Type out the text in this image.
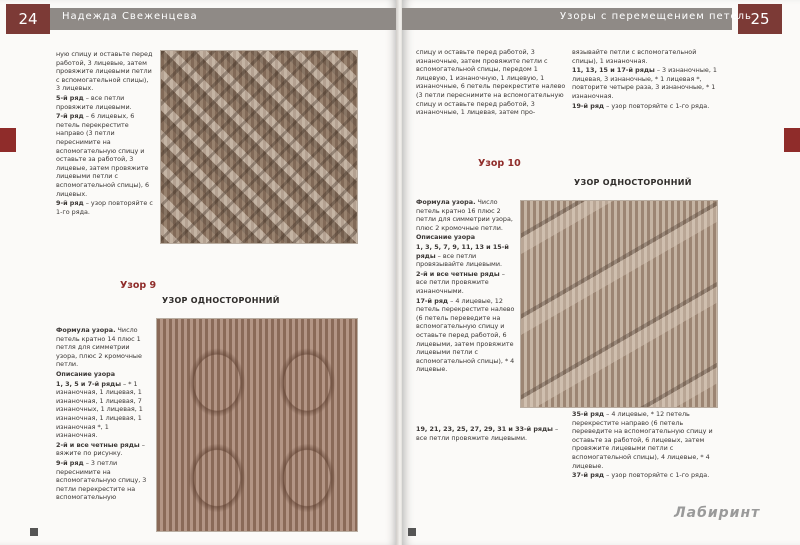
24	Надежда Свеженцева

ную спицу и оставьте перед работой, 3 лицевые, затем провяжите лицевыми петли с вспомогательной спицы), 3 лицевых.

5-й ряд – все петли провяжите лицевыми.

7-й ряд – 6 лицевых, 6 петель перекрестите направо (3 петли переснимите на вспомогательную спицу и оставьте за работой, 3 лицевые, затем провяжите лицевыми петли с вспомогательной спицы), 6 лицевых.

9-й ряд – узор повторяйте с 1-го ряда.

Узор 9
УЗОР ОДНОСТОРОННИЙ

Формула узора. Число петель кратно 14 плюс 1 петля для симметрии узора, плюс 2 кромочные петли.

Описание узора

1, 3, 5 и 7-й ряды – * 1 изнаночная, 1 лицевая, 1 изнаночная, 1 лицевая, 7 изнаночных, 1 лицевая, 1 изнаночная, 1 лицевая, 1 изнаночная *, 1 изнаночная.

2-й и все четные ряды – вяжите по рисунку.

9-й ряд – 3 петли переснимите на вспомогательную спицу, 3 петли перекрестите на вспомогательную

25
Узоры с перемещением петель
спицу и оставьте перед работой, 3 изнаночные, затем провяжите петли с вспомогательной спицы, передом 1 лицевую, 1 изнаночную, 1 лицевую, 1 изнаночные, 6 петель перекрестите налево (3 петли переснимите на вспомогательную спицу и оставьте перед работой, 3 изнаночные, 1 лицевая, затем про-

вязывайте петли с вспомогательной спицы), 1 изнаночная.

11, 13, 15 и 17-й ряды – 3 изнаночные, 1 лицевая, 3 изнаночные, * 1 лицевая *, повторите четыре раза, 3 изнаночные, * 1 изнаночная.

19-й ряд – узор повторяйте с 1-го ряда.

Узор 10
УЗОР ОДНОСТОРОННИЙ

Формула узора. Число петель кратно 16 плюс 2 петли для симметрии узора, плюс 2 кромочные петли.

Описание узора

1, 3, 5, 7, 9, 11, 13 и 15-й ряды – все петли провязывайте лицевыми.

2-й и все четные ряды – все петли провяжите изнаночными.

17-й ряд – 4 лицевые, 12 петель перекрестите налево (6 петель переведите на вспомогательную спицу и оставьте перед работой, 6 лицевыми, затем провяжите лицевыми петли с вспомогательной спицы), * 4 лицевые.

19, 21, 23, 25, 27, 29, 31 и 33-й ряды – все петли провяжите лицевыми.

35-й ряд – 4 лицевые, * 12 петель перекрестите направо (6 петель переведите на вспомогательную спицу и оставьте за работой, 6 лицевых, затем провяжите лицевыми петли с вспомогательной спицы), 4 лицевые, * 4 лицевые.

37-й ряд – узор повторяйте с 1-го ряда.

Лабиринт
